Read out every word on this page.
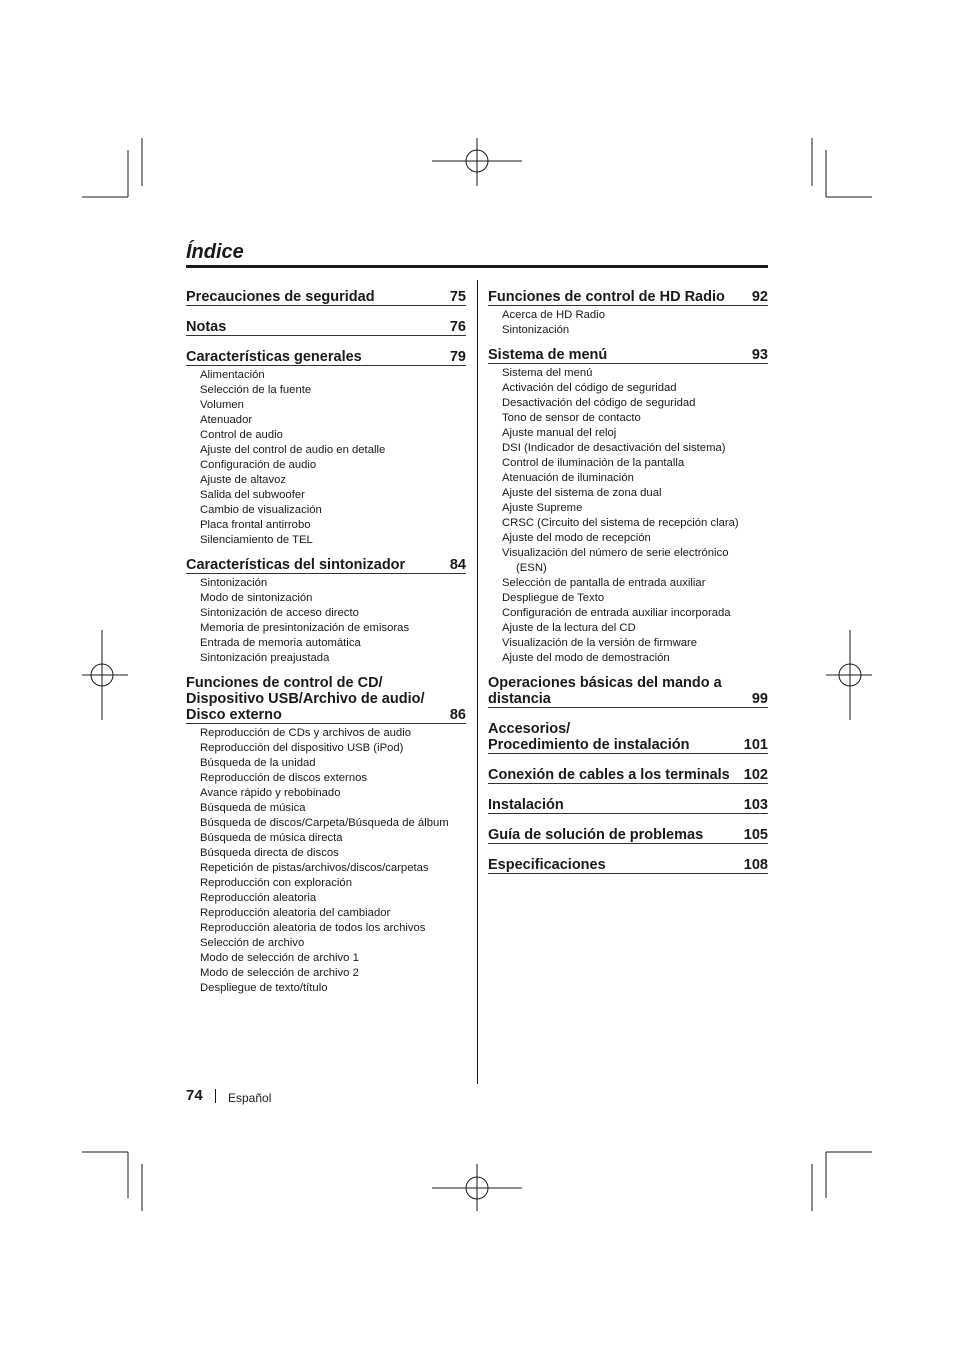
Índice
Precauciones de seguridad	75
Notas	76
Características generales	79
Alimentación
Selección de la fuente
Volumen
Atenuador
Control de audio
Ajuste del control de audio en detalle
Configuración de audio
Ajuste de altavoz
Salida del subwoofer
Cambio de visualización
Placa frontal antirrobo
Silenciamiento de TEL
Características del sintonizador	84
Sintonización
Modo de sintonización
Sintonización de acceso directo
Memoria de presintonización de emisoras
Entrada de memoria automática
Sintonización preajustada
Funciones de control de CD/
Dispositivo USB/Archivo de audio/
Disco externo	86
Reproducción de CDs y archivos de audio
Reproducción del dispositivo USB (iPod)
Búsqueda de la unidad
Reproducción de discos externos
Avance rápido y rebobinado
Búsqueda de música
Búsqueda de discos/Carpeta/Búsqueda de álbum
Búsqueda de música directa
Búsqueda directa de discos
Repetición de pistas/archivos/discos/carpetas
Reproducción con exploración
Reproducción aleatoria
Reproducción aleatoria del cambiador
Reproducción aleatoria de todos los archivos
Selección de archivo
Modo de selección de archivo 1
Modo de selección de archivo 2
Despliegue de texto/título
Funciones de control de HD Radio 92
Acerca de HD Radio
Sintonización
Sistema de menú	93
Sistema del menú
Activación del código de seguridad
Desactivación del código de seguridad
Tono de sensor de contacto
Ajuste manual del reloj
DSI (Indicador de desactivación del sistema)
Control de iluminación de la pantalla
Atenuación de iluminación
Ajuste del sistema de zona dual
Ajuste Supreme
CRSC (Circuito del sistema de recepción clara)
Ajuste del modo de recepción
Visualización del número de serie electrónico
(ESN)
Selección de pantalla de entrada auxiliar
Despliegue de Texto
Configuración de entrada auxiliar incorporada
Ajuste de la lectura del CD
Visualización de la versión de firmware
Ajuste del modo de demostración
Operaciones básicas del mando a
distancia	99
Accesorios/
Procedimiento de instalación	101
Conexión de cables a los terminals 102
Instalación	103
Guía de solución de problemas	105
Especificaciones	108
74 Español
